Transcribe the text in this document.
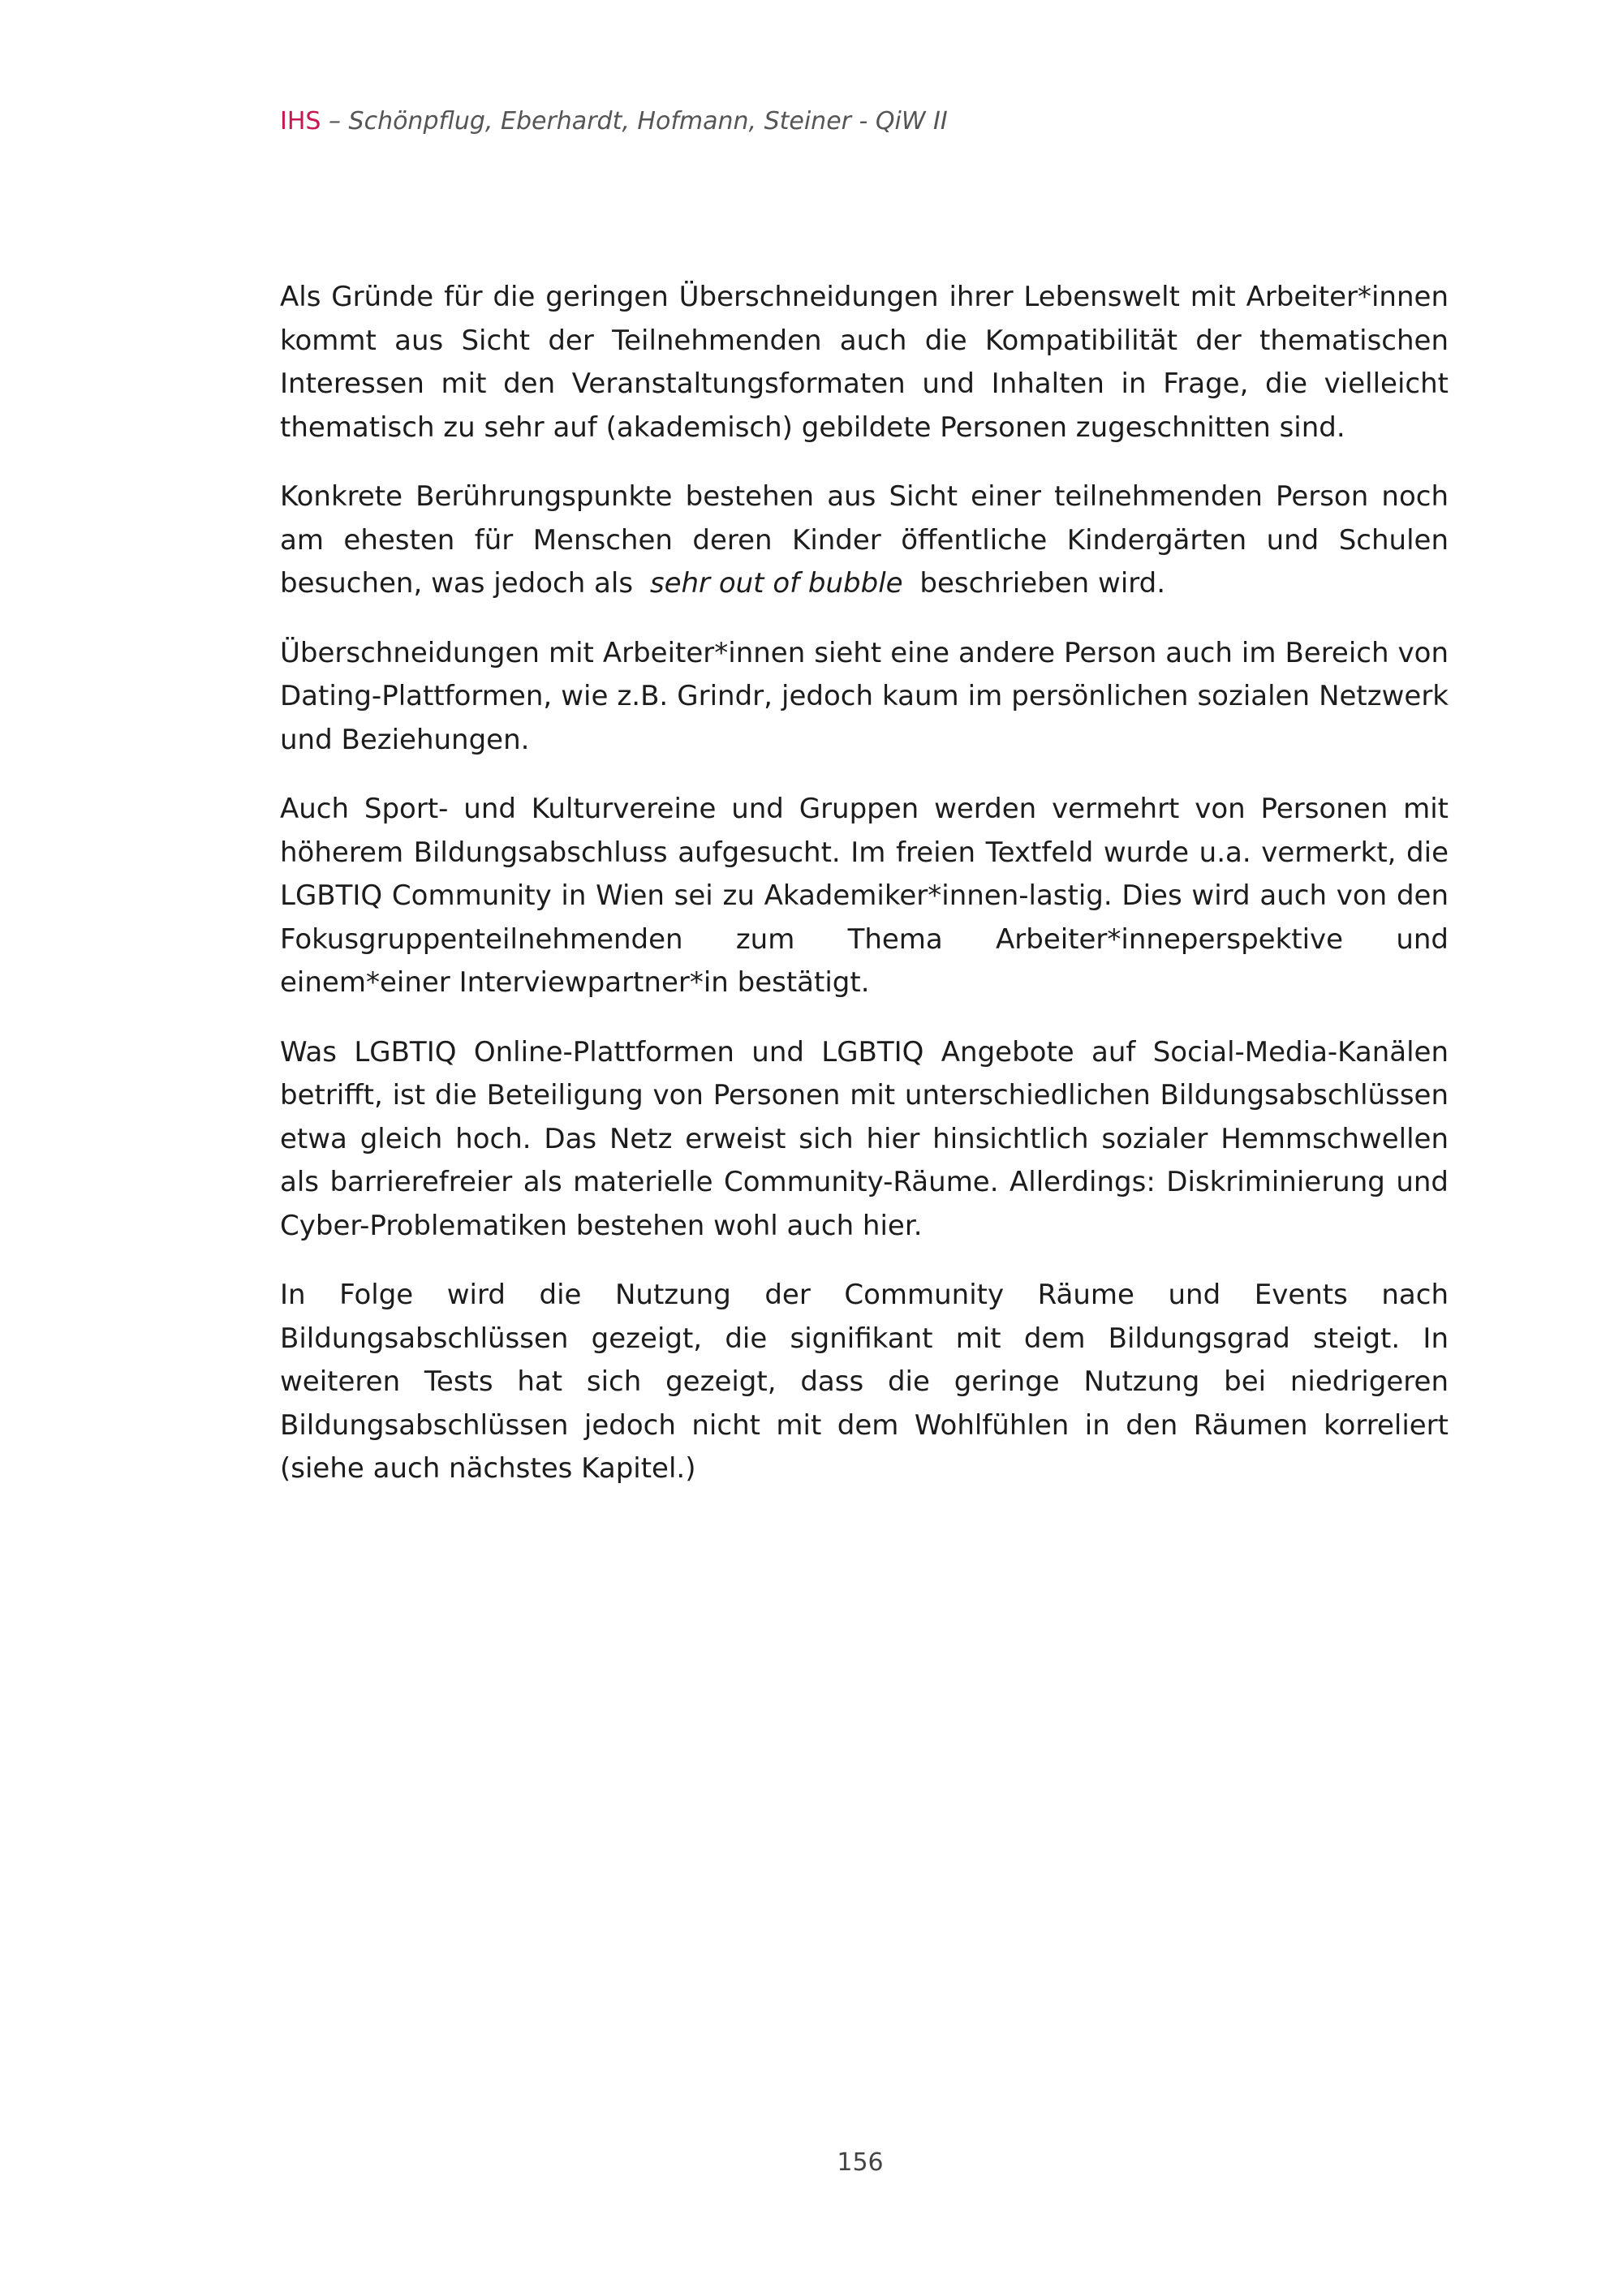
IHS – Schönpflug, Eberhardt, Hofmann, Steiner - QiW II

Als Gründe für die geringen Überschneidungen ihrer Lebenswelt mit Arbeiter*innen kommt aus Sicht der Teilnehmenden auch die Kompatibilität der thematischen Interessen mit den Veranstaltungsformaten und Inhalten in Frage, die vielleicht thematisch zu sehr auf (akademisch) gebildete Personen zugeschnitten sind.

Konkrete Berührungspunkte bestehen aus Sicht einer teilnehmenden Person noch am ehesten für Menschen deren Kinder öffentliche Kindergärten und Schulen besuchen, was jedoch als sehr out of bubble beschrieben wird.

Überschneidungen mit Arbeiter*innen sieht eine andere Person auch im Bereich von Dating-Plattformen, wie z.B. Grindr, jedoch kaum im persönlichen sozialen Netzwerk und Beziehungen.

Auch Sport- und Kulturvereine und Gruppen werden vermehrt von Personen mit höherem Bildungsabschluss aufgesucht. Im freien Textfeld wurde u.a. vermerkt, die LGBTIQ Community in Wien sei zu Akademiker*innen-lastig. Dies wird auch von den Fokusgruppenteilnehmenden zum Thema Arbeiter*inneperspektive und einem*einer Interviewpartner*in bestätigt.

Was LGBTIQ Online-Plattformen und LGBTIQ Angebote auf Social-Media-Kanälen betrifft, ist die Beteiligung von Personen mit unterschiedlichen Bildungsabschlüssen etwa gleich hoch. Das Netz erweist sich hier hinsichtlich sozialer Hemmschwellen als barrierefreier als materielle Community-Räume. Allerdings: Diskriminierung und Cyber-Problematiken bestehen wohl auch hier.

In Folge wird die Nutzung der Community Räume und Events nach Bildungsabschlüssen gezeigt, die signifikant mit dem Bildungsgrad steigt. In weiteren Tests hat sich gezeigt, dass die geringe Nutzung bei niedrigeren Bildungsabschlüssen jedoch nicht mit dem Wohlfühlen in den Räumen korreliert (siehe auch nächstes Kapitel.)

156
